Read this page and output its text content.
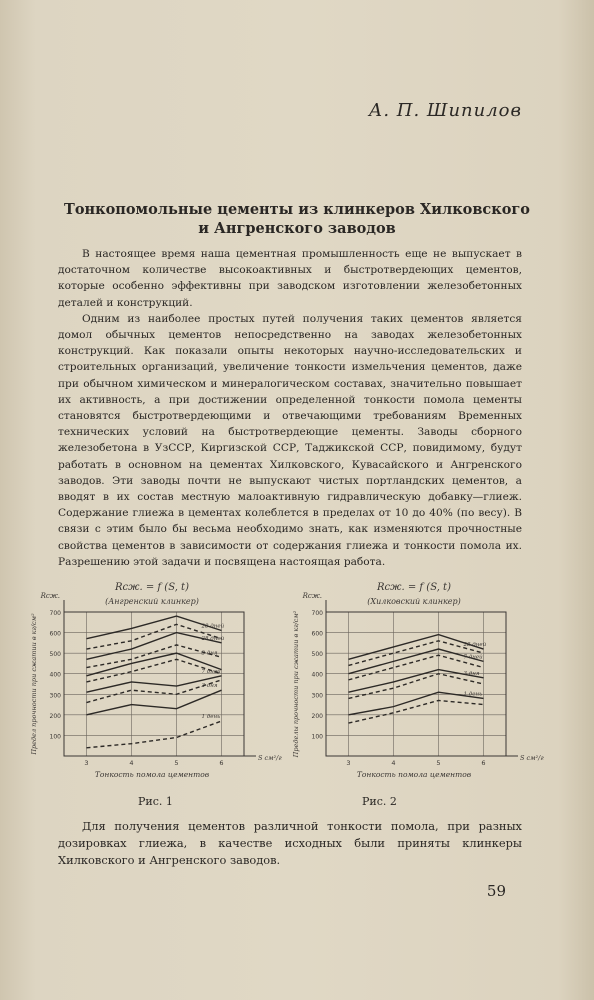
А. П. Шипилов
Тонкопомольные цементы из клинкеров Хилковского
и Ангренского заводов

В настоящее время наша цементная промышленность еще не выпускает в достаточном количестве высокоактивных и быстротвердеющих цементов, которые особенно эффективны при заводском изготовлении железобетонных деталей и конструкций.

Одним из наиболее простых путей получения таких цементов является домол обычных цементов непосредственно на заводах железобетонных конструкций. Как показали опыты некоторых научно-исследовательских и строительных организаций, увеличение тонкости измельчения цементов, даже при обычном химическом и минералогическом составах, значительно повышает их активность, а при достижении определенной тонкости помола цементы становятся быстротвердеющими и отвечающими требованиям Временных технических условий на быстротвердеющие цементы. Заводы сборного железобетона в УзССР, Киргизской ССР, Таджикской ССР, повидимому, будут работать в основном на цементах Хилковского, Кувасайского и Ангренского заводов. Эти заводы почти не выпускают чистых портландских цементов, а вводят в их состав местную малоактивную гидравлическую добавку—глиеж. Содержание глиежа в цементах колеблется в пределах от 10 до 40% (по весу). В связи с этим было бы весьма необходимо знать, как изменяются прочностные свойства цементов в зависимости от содержания глиежа и тонкости помола их. Разрешению этой задачи и посвящена настоящая работа.

Rсж. = f (S, t)
(Ангренский клинкер)
100
200
300
400
500
600
700
3	4	5	6
28 дней
28 дней
3 дня
7 дней
3 дня
1 день
S см²/г
Тонкость помола цементов
Предел прочности при сжатии в кг/см²
Rсж.
Rсж. = f (S, t)
(Хилковский клинкер)
100
200
300
400
500
600
700
3	4	5	6
28 дней
7 дней
3 дня
1 день
S см²/г
Тонкость помола цементов
Пределы прочности при сжатии в кг/см²
Rсж.
Рис. 1	Рис. 2

Для получения цементов различной тонкости помола, при разных дозировках глиежа, в качестве исходных были приняты клинкеры Хилковского и Ангренского заводов.

59
